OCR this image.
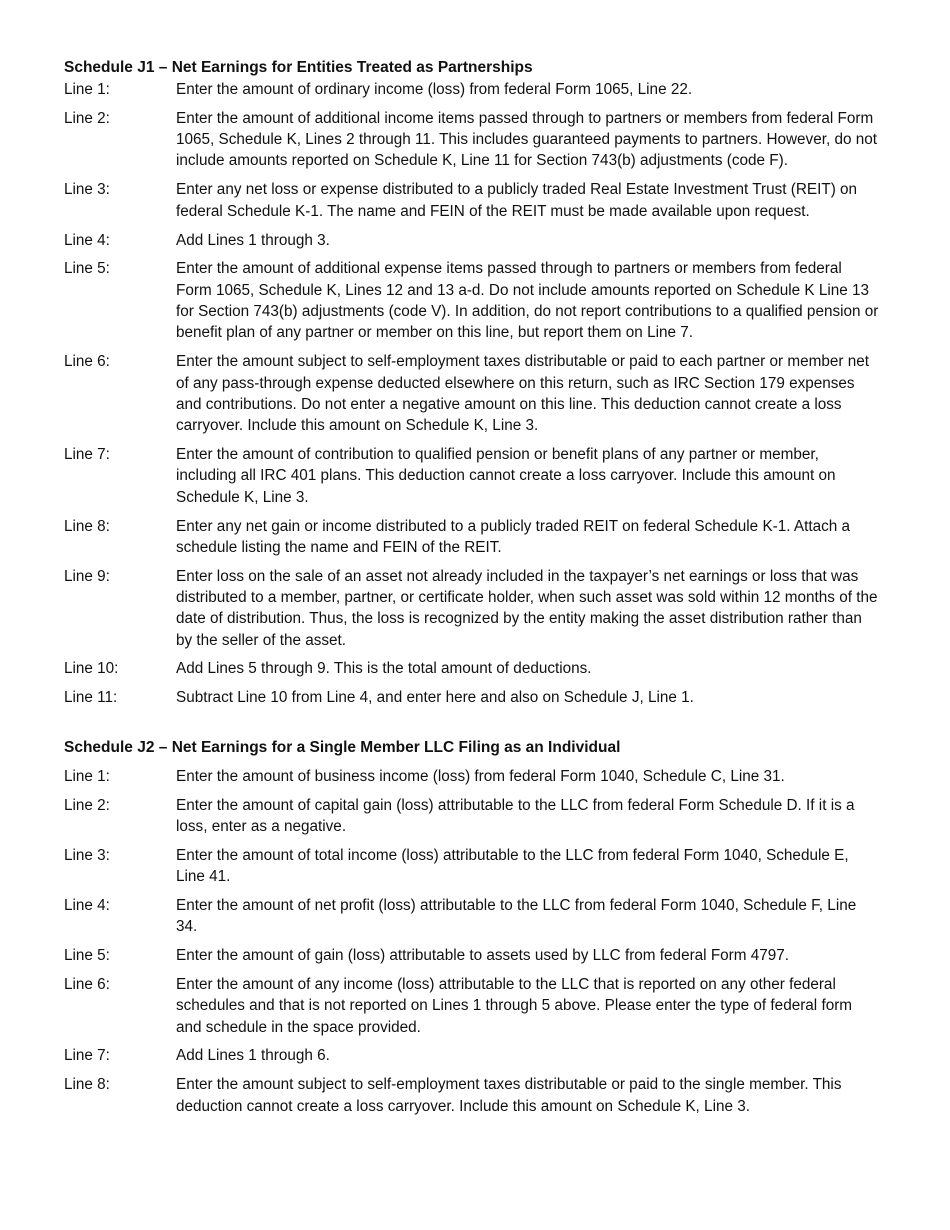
Schedule J1 – Net Earnings for Entities Treated as Partnerships
Line 1:	Enter the amount of ordinary income (loss) from federal Form 1065, Line 22.
Line 2:	Enter the amount of additional income items passed through to partners or members from federal Form 1065, Schedule K, Lines 2 through 11. This includes guaranteed payments to partners. However, do not include amounts reported on Schedule K, Line 11 for Section 743(b) adjustments (code F).
Line 3:	Enter any net loss or expense distributed to a publicly traded Real Estate Investment Trust (REIT) on federal Schedule K-1. The name and FEIN of the REIT must be made available upon request.
Line 4:	Add Lines 1 through 3.
Line 5:	Enter the amount of additional expense items passed through to partners or members from federal Form 1065, Schedule K, Lines 12 and 13 a-d. Do not include amounts reported on Schedule K Line 13 for Section 743(b) adjustments (code V). In addition, do not report contributions to a qualified pension or benefit plan of any partner or member on this line, but report them on Line 7.
Line 6:	Enter the amount subject to self-employment taxes distributable or paid to each partner or member net of any pass-through expense deducted elsewhere on this return, such as IRC Section 179 expenses and contributions. Do not enter a negative amount on this line. This deduction cannot create a loss carryover. Include this amount on Schedule K, Line 3.
Line 7:	Enter the amount of contribution to qualified pension or benefit plans of any partner or member, including all IRC 401 plans. This deduction cannot create a loss carryover. Include this amount on Schedule K, Line 3.
Line 8:	Enter any net gain or income distributed to a publicly traded REIT on federal Schedule K-1. Attach a schedule listing the name and FEIN of the REIT.
Line 9:	Enter loss on the sale of an asset not already included in the taxpayer’s net earnings or loss that was distributed to a member, partner, or certificate holder, when such asset was sold within 12 months of the date of distribution. Thus, the loss is recognized by the entity making the asset distribution rather than by the seller of the asset.
Line 10:	Add Lines 5 through 9. This is the total amount of deductions.
Line 11:	Subtract Line 10 from Line 4, and enter here and also on Schedule J, Line 1.
Schedule J2 – Net Earnings for a Single Member LLC Filing as an Individual
Line 1:	Enter the amount of business income (loss) from federal Form 1040, Schedule C, Line 31.
Line 2:	Enter the amount of capital gain (loss) attributable to the LLC from federal Form Schedule D. If it is a loss, enter as a negative.
Line 3:	Enter the amount of total income (loss) attributable to the LLC from federal Form 1040, Schedule E, Line 41.
Line 4:	Enter the amount of net profit (loss) attributable to the LLC from federal Form 1040, Schedule F, Line 34.
Line 5:	Enter the amount of gain (loss) attributable to assets used by LLC from federal Form 4797.
Line 6:	Enter the amount of any income (loss) attributable to the LLC that is reported on any other federal schedules and that is not reported on Lines 1 through 5 above. Please enter the type of federal form and schedule in the space provided.
Line 7:	Add Lines 1 through 6.
Line 8:	Enter the amount subject to self-employment taxes distributable or paid to the single member. This deduction cannot create a loss carryover. Include this amount on Schedule K, Line 3.
